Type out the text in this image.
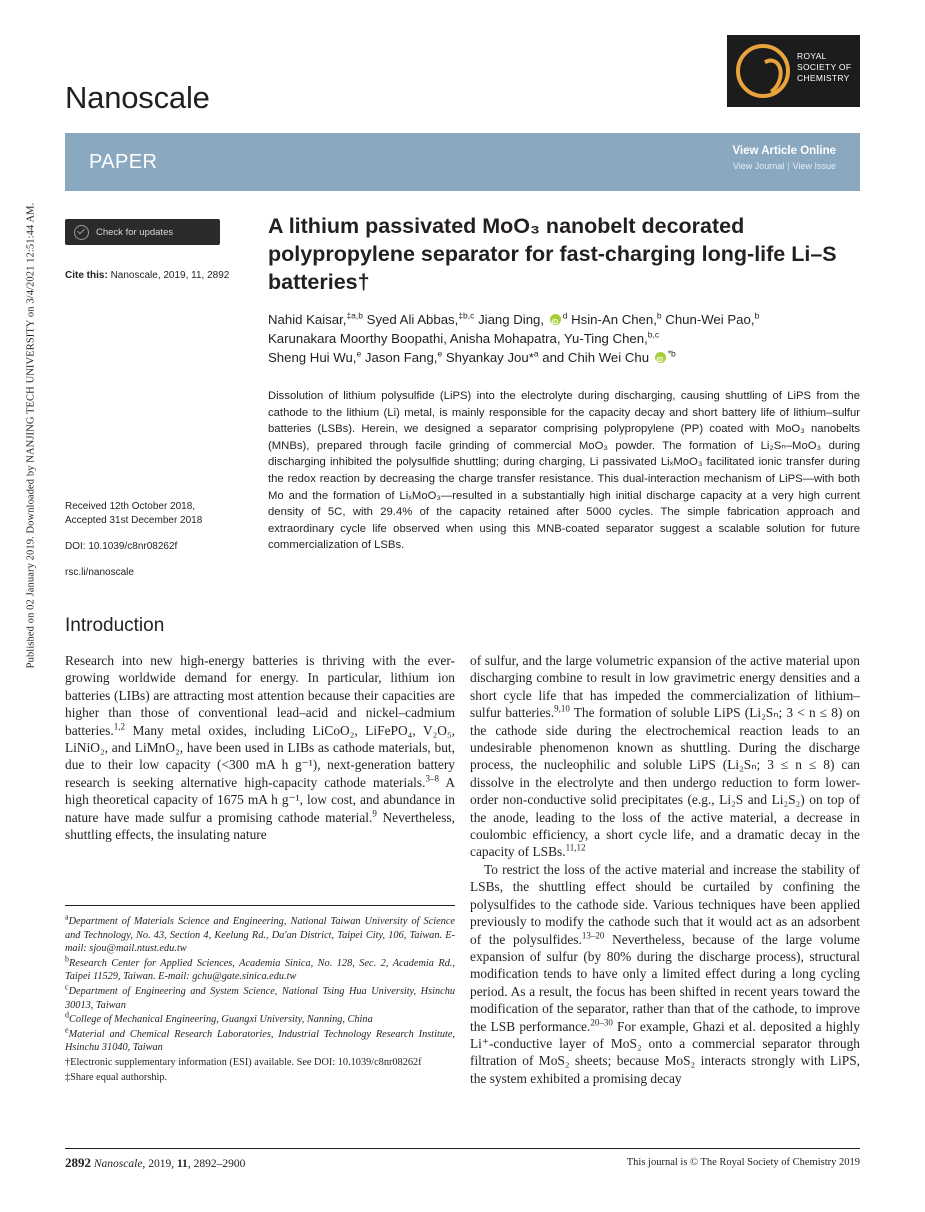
Published on 02 January 2019. Downloaded by NANJING TECH UNIVERSITY on 3/4/2021 12:51:44 AM.
Nanoscale
ROYAL
SOCIETY OF
CHEMISTRY
PAPER	View Article Online
View Journal | View Issue
Check for updates
Cite this: Nanoscale, 2019, 11, 2892
A lithium passivated MoO₃ nanobelt decorated polypropylene separator for fast-charging long-life Li–S batteries†
Nahid Kaisar,$^{\ddagger a,b}$ Syed Ali Abbas,$^{\ddagger b,c}$ Jiang Ding, iD $^d$ Hsin-An Chen,$^b$ Chun-Wei Pao,$^b$
Karunakara Moorthy Boopathi, Anisha Mohapatra, Yu-Ting Chen,$^{b,c}$
Sheng Hui Wu,$^e$ Jason Fang,$^e$ Shyankay Jou*$^a$ and Chih Wei Chu iD $^{*b}$
Dissolution of lithium polysulfide (LiPS) into the electrolyte during discharging, causing shuttling of LiPS from the cathode to the lithium (Li) metal, is mainly responsible for the capacity decay and short battery life of lithium–sulfur batteries (LSBs). Herein, we designed a separator comprising polypropylene (PP) coated with MoO₃ nanobelts (MNBs), prepared through facile grinding of commercial MoO₃ powder. The formation of Li₂Sₙ–MoO₃ during discharging inhibited the polysulfide shuttling; during charging, Li passivated LiₓMoO₃ facilitated ionic transfer during the redox reaction by decreasing the charge transfer resistance. This dual-interaction mechanism of LiPS—with both Mo and the formation of LiₓMoO₃—resulted in a substantially high initial discharge capacity at a very high current density of 5C, with 29.4% of the capacity retained after 5000 cycles. The simple fabrication approach and extraordinary cycle life observed when using this MNB-coated separator suggest a scalable solution for future commercialization of LSBs.
Received 12th October 2018,
Accepted 31st December 2018
DOI: 10.1039/c8nr08262f
rsc.li/nanoscale
Introduction

Research into new high-energy batteries is thriving with the ever-growing worldwide demand for energy. In particular, lithium ion batteries (LIBs) are attracting most attention because their capacities are higher than those of conventional lead–acid and nickel–cadmium batteries.$^{1,2}$ Many metal oxides, including LiCoO₂, LiFePO₄, V₂O₅, LiNiO₂, and LiMnO₂, have been used in LIBs as cathode materials, but, due to their low capacity (<300 mA h g⁻¹), next-generation battery research is seeking alternative high-capacity cathode materials.$^{3-8}$ A high theoretical capacity of 1675 mA h g⁻¹, low cost, and abundance in nature have made sulfur a promising cathode material.$^9$ Nevertheless, shuttling effects, the insulating nature

of sulfur, and the large volumetric expansion of the active material upon discharging combine to result in low gravimetric energy densities and a short cycle life that has impeded the commercialization of lithium–sulfur batteries.$^{9,10}$ The formation of soluble LiPS (Li₂Sₙ; 3 < n ≤ 8) on the cathode side during the electrochemical reaction leads to an undesirable phenomenon known as shuttling. During the discharge process, the nucleophilic and soluble LiPS (Li₂Sₙ; 3 ≤ n ≤ 8) can dissolve in the electrolyte and then undergo reduction to form lower-order non-conductive solid precipitates (e.g., Li₂S and Li₂S₂) on top of the anode, leading to the loss of the active material, a decrease in coulombic efficiency, a short cycle life, and a dramatic decay in the capacity of LSBs.$^{11,12}$

To restrict the loss of the active material and increase the stability of LSBs, the shuttling effect should be curtailed by confining the polysulfides to the cathode side. Various techniques have been applied previously to modify the cathode such that it would act as an adsorbent of the polysulfides.$^{13-20}$ Nevertheless, because of the large volume expansion of sulfur (by 80% during the discharge process), structural modification tends to have only a limited effect during a long cycling period. As a result, the focus has been shifted in recent years toward the modification of the separator, rather than that of the cathode, to improve the LSB performance.$^{20-30}$ For example, Ghazi et al. deposited a highly Li⁺-conductive layer of MoS₂ onto a commercial separator through filtration of MoS₂ sheets; because MoS₂ interacts strongly with LiPS, the system exhibited a promising decay

$^a$Department of Materials Science and Engineering, National Taiwan University of Science and Technology, No. 43, Section 4, Keelung Rd., Da'an District, Taipei City, 106, Taiwan. E-mail: sjou@mail.ntust.edu.tw
$^b$Research Center for Applied Sciences, Academia Sinica, No. 128, Sec. 2, Academia Rd., Taipei 11529, Taiwan. E-mail: gchu@gate.sinica.edu.tw
$^c$Department of Engineering and System Science, National Tsing Hua University, Hsinchu 30013, Taiwan
$^d$College of Mechanical Engineering, Guangxi University, Nanning, China
$^e$Material and Chemical Research Laboratories, Industrial Technology Research Institute, Hsinchu 31040, Taiwan
†Electronic supplementary information (ESI) available. See DOI: 10.1039/c8nr08262f
‡Share equal authorship.
2892 Nanoscale, 2019, 11, 2892–2900	This journal is © The Royal Society of Chemistry 2019
